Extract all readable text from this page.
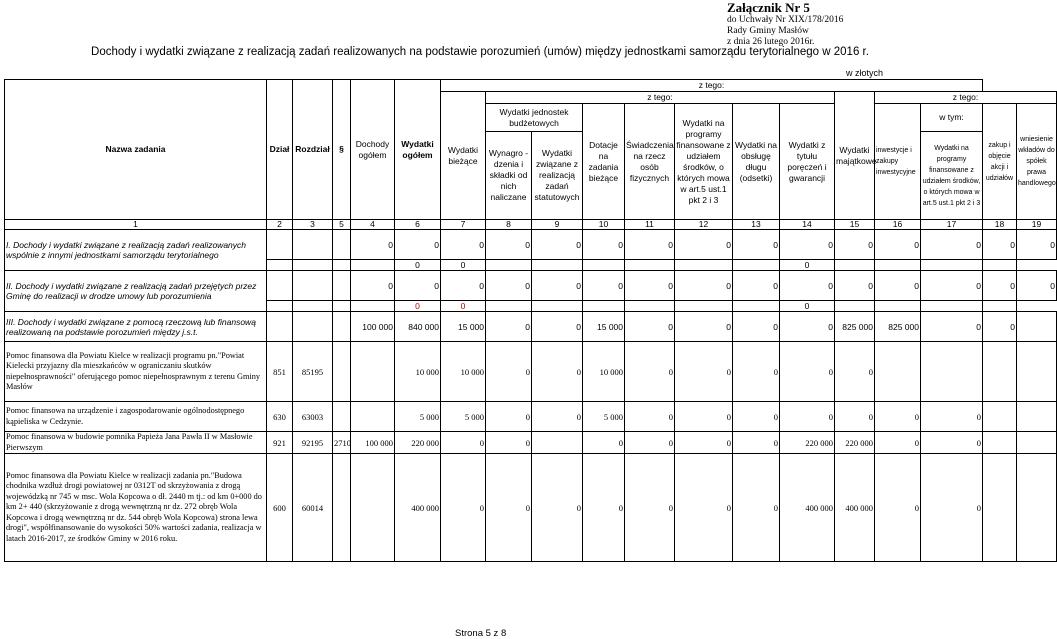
Załącznik Nr 5
do Uchwały Nr XIX/178/2016
Rady Gminy Masłów
z dnia 26 lutego 2016r.
Dochody i wydatki związane z realizacją zadań realizowanych na podstawie porozumień (umów) między jednostkami samorządu terytorialnego w 2016 r.
w złotych
Nazwa zadania	Dział	Rozdział	§	Dochody ogółem	Wydatki ogółem	z tego:												
						Wydatki bieżące	z tego:							Wydatki majątkowe	z tego:			
							Wydatki jednostek budżetowych		Dotacje na zadania bieżące	Świadczenia na rzecz osób fizycznych	Wydatki na programy finansowane z udziałem środków, o których mowa w art.5 ust.1 pkt 2 i 3	Wydatki na obsługę długu (odsetki)	Wydatki z tytułu poręczeń i gwarancji		inwestycje i zakupy inwestycyjne	w tym:	zakup i objęcie akcji i udziałów	wniesienie wkładów do spółek prawa handlowego
							Wynagro - dzenia i składki od nich naliczane	Wydatki związane z realizacją zadań statutowych								Wydatki na programy finansowane z udziałem środków, o których mowa w art.5 ust.1 pkt 2 i 3		
1	2	3	5	4	6	7	8	9	10	11	12	13	14	15	16	17	18	19
I. Dochody i wydatki związane z realizacją zadań realizowanych wspólnie z innymi jednostkami samorządu terytorialnego				0	0	0	0	0	0	0	0	0	0	0	0	0	0	0
					0	0							0					
II. Dochody i wydatki związane z realizacją zadań przejętych przez Gminę do realizacji w drodze umowy lub porozumienia				0	0	0	0	0	0	0	0	0	0	0	0	0	0	0
					0	0							0					
III. Dochody i wydatki związane z pomocą rzeczową lub finansową realizowaną na podstawie porozumień między j.s.t.				100 000	840 000	15 000	0	0	15 000	0	0	0	0	825 000	825 000	0	0	
Pomoc finansowa dla Powiatu Kielce w realizacji programu pn."Powiat Kielecki przyjazny dla mieszkańców w ograniczaniu skutków niepełnosprawności" oferującego pomoc niepełnosprawnym z terenu Gminy Masłów	851	85195			10 000	10 000	0	0	10 000	0	0	0	0	0				
Pomoc finansowa na urządzenie i zagospodarowanie ogólnodostępnego kąpieliska w Cedzynie.	630	63003			5 000	5 000	0	0	5 000	0	0	0	0	0	0	0		
Pomoc finansowa w budowie pomnika Papieża Jana Pawła II w Masłowie Pierwszym	921	92195	2710	100 000	220 000	0	0		0	0	0	0	220 000	220 000	0	0		
Pomoc finansowa dla Powiatu Kielce w realizacji zadania pn."Budowa chodnika wzdłuż drogi powiatowej nr 0312T od skrzyżowania z drogą wojewódzką nr 745 w msc. Wola Kopcowa o dł. 2440 m tj.: od km 0+000 do km 2+ 440 (skrzyżowanie z drogą wewnętrzną nr dz. 272 obręb Wola Kopcowa i drogą wewnętrzną nr dz. 544 obręb Wola Kopcowa) strona lewa drogi", współfinansowanie do wysokości 50% wartości zadania, realizacja w latach 2016-2017, ze środków Gminy w 2016 roku.	600	60014			400 000	0	0	0	0	0	0	0	400 000	400 000	0	0		
Strona 5 z 8
